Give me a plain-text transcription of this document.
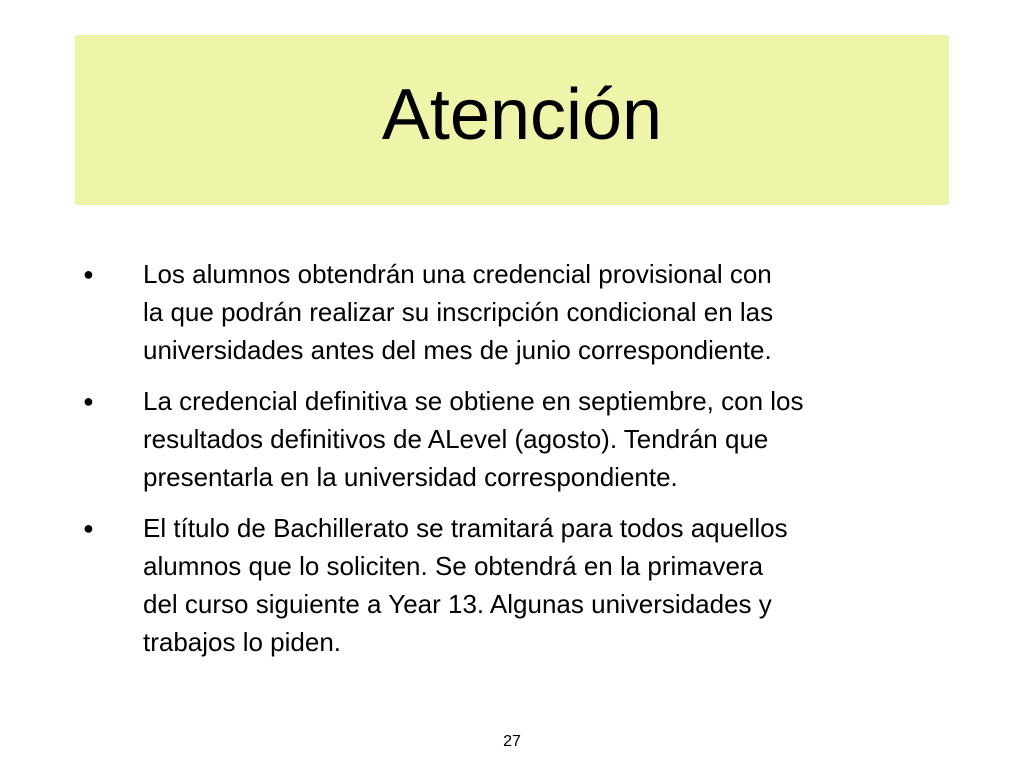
Atención
●	Los alumnos obtendrán una credencial provisional con
la que podrán realizar su inscripción condicional en las
universidades antes del mes de junio correspondiente.
●	La credencial definitiva se obtiene en septiembre, con los
resultados definitivos de ALevel (agosto). Tendrán que
presentarla en la universidad correspondiente.
●	El título de Bachillerato se tramitará para todos aquellos
alumnos que lo soliciten. Se obtendrá en la primavera
del curso siguiente a Year 13. Algunas universidades y
trabajos lo piden.
27
